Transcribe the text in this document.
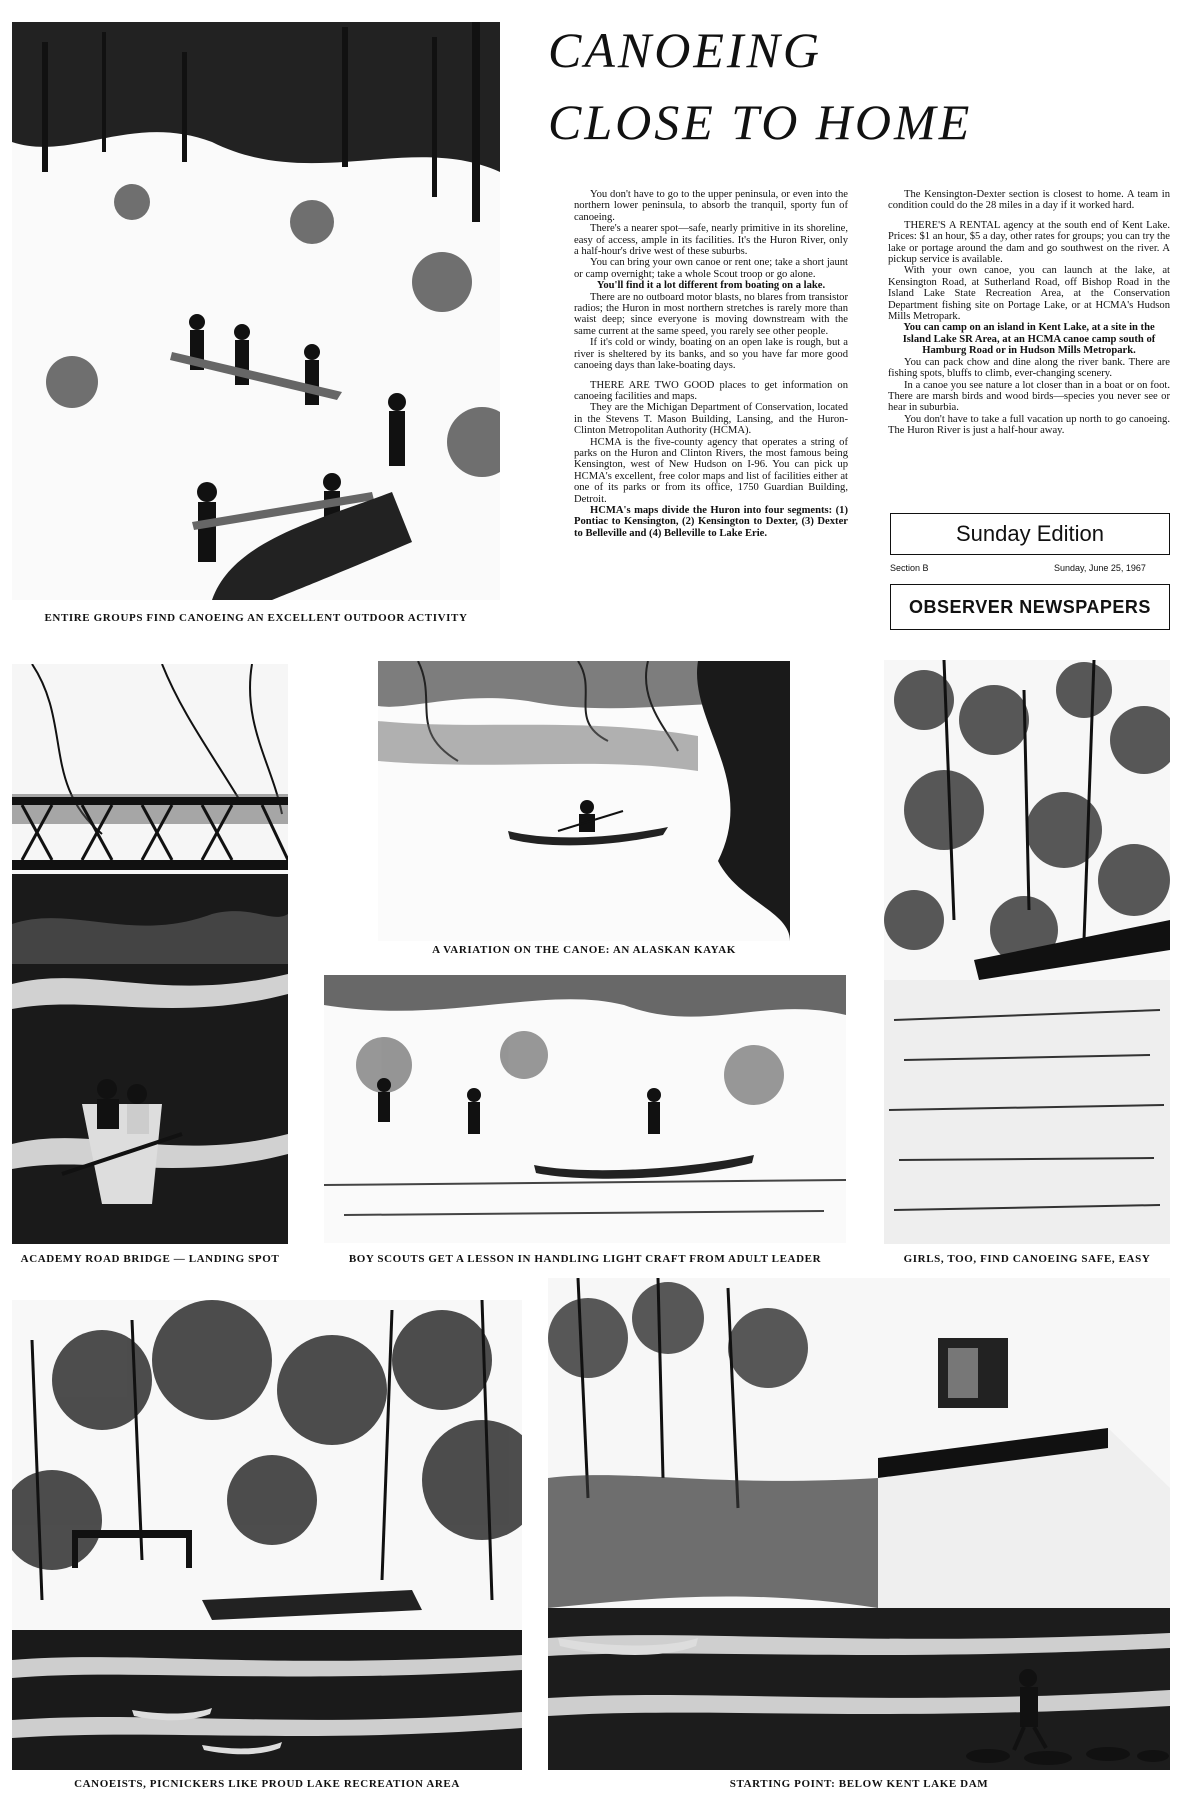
ENTIRE GROUPS FIND CANOEING AN EXCELLENT OUTDOOR ACTIVITY
CANOEING
CLOSE TO HOME

You don't have to go to the upper peninsula, or even into the northern lower peninsula, to absorb the tranquil, sporty fun of canoeing.

There's a nearer spot—safe, nearly primitive in its shoreline, easy of access, ample in its facilities. It's the Huron River, only a half-hour's drive west of these suburbs.

You can bring your own canoe or rent one; take a short jaunt or camp overnight; take a whole Scout troop or go alone.

You'll find it a lot different from boating on a lake.

There are no outboard motor blasts, no blares from transistor radios; the Huron in most northern stretches is rarely more than waist deep; since everyone is moving downstream with the same current at the same speed, you rarely see other people.

If it's cold or windy, boating on an open lake is rough, but a river is sheltered by its banks, and so you have far more good canoeing days than lake-boating days.

THERE ARE TWO GOOD places to get information on canoeing facilities and maps.

They are the Michigan Department of Conservation, located in the Stevens T. Mason Building, Lansing, and the Huron-Clinton Metropolitan Authority (HCMA).

HCMA is the five-county agency that operates a string of parks on the Huron and Clinton Rivers, the most famous being Kensington, west of New Hudson on I-96. You can pick up HCMA's excellent, free color maps and list of facilities either at one of its parks or from its office, 1750 Guardian Building, Detroit.

HCMA's maps divide the Huron into four segments: (1) Pontiac to Kensington, (2) Kensington to Dexter, (3) Dexter to Belleville and (4) Belleville to Lake Erie.

The Kensington-Dexter section is closest to home. A team in condition could do the 28 miles in a day if it worked hard.

THERE'S A RENTAL agency at the south end of Kent Lake. Prices: $1 an hour, $5 a day, other rates for groups; you can try the lake or portage around the dam and go southwest on the river. A pickup service is available.

With your own canoe, you can launch at the lake, at Kensington Road, at Sutherland Road, off Bishop Road in the Island Lake State Recreation Area, at the Conservation Department fishing site on Portage Lake, or at HCMA's Hudson Mills Metropark.

You can camp on an island in Kent Lake, at a site in the Island Lake SR Area, at an HCMA canoe camp south of Hamburg Road or in Hudson Mills Metropark.

You can pack chow and dine along the river bank. There are fishing spots, bluffs to climb, ever-changing scenery.

In a canoe you see nature a lot closer than in a boat or on foot. There are marsh birds and wood birds—species you never see or hear in suburbia.

You don't have to take a full vacation up north to go canoeing. The Huron River is just a half-hour away.

Sunday Edition
Section B	Sunday, June 25, 1967
OBSERVER NEWSPAPERS
ACADEMY ROAD BRIDGE — LANDING SPOT
A VARIATION ON THE CANOE: AN ALASKAN KAYAK
GIRLS, TOO, FIND CANOEING SAFE, EASY
BOY SCOUTS GET A LESSON IN HANDLING LIGHT CRAFT FROM ADULT LEADER
CANOEISTS, PICNICKERS LIKE PROUD LAKE RECREATION AREA	STARTING POINT: BELOW KENT LAKE DAM
